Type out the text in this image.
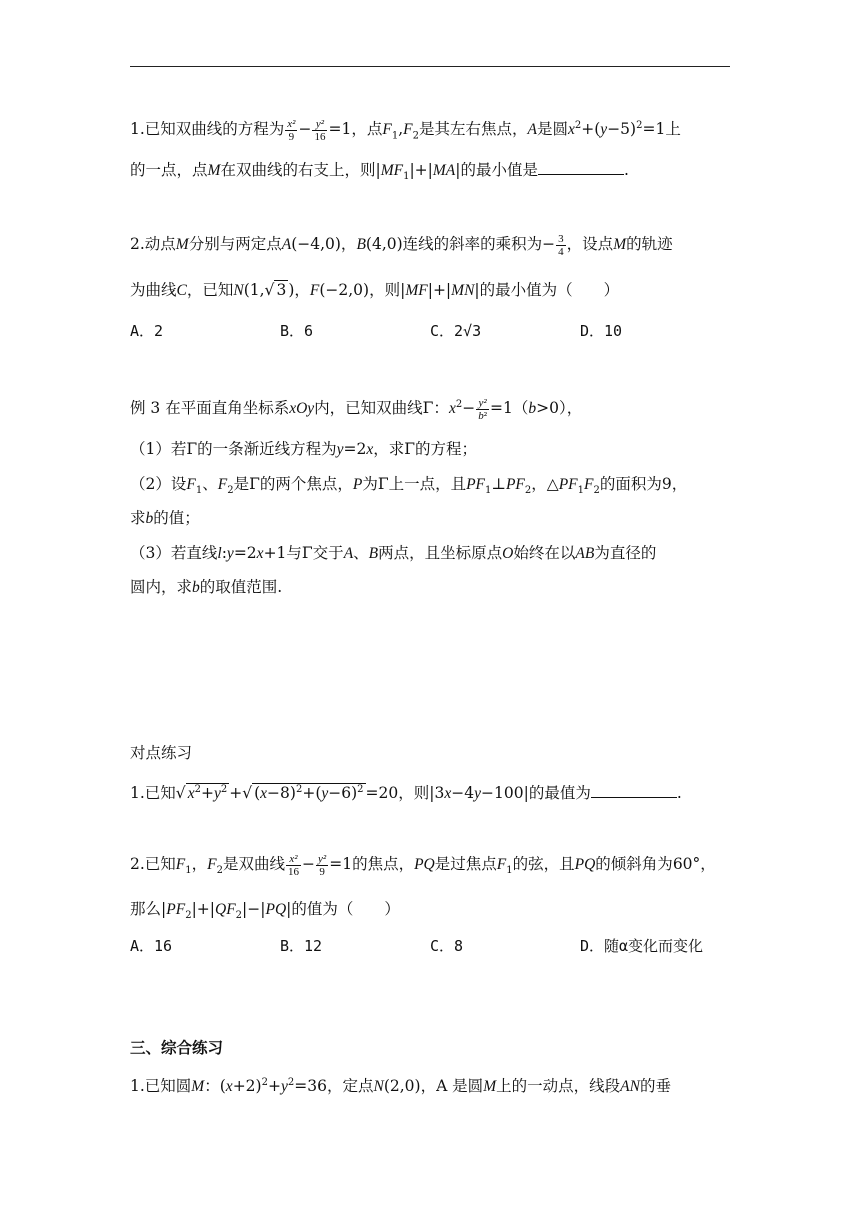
1.已知双曲线的方程为 $\frac{\text{x²}}{9} - \frac{\text{y²}}{16} =1$，点$F_1,F_2$是其左右焦点，A是圆$x^2+(y-5)^2=1$上
的一点，点M在双曲线的右支上，则$|MF_1|+|MA|$的最小值是	.
2.动点M分别与两定点A(−4,0)，B(4,0)连线的斜率的乘积为− $\frac{3}{4}$ ，设点M的轨迹
为曲线C，已知N(1,√ 3 )，F(−2,0)，则|MF|+|MN|的最小值为（　　）
A．2	B．6	C．2√3	D．10
例 3 在平面直角坐标系xOy内，已知双曲线Γ：$x^2- \frac{\text{y²}}{\text{b²}} =1(b>0)$，
（1）若Γ的一条渐近线方程为y=2x，求Γ的方程；
（2）设$F_1$、$F_2$是Γ的两个焦点，P为Γ上一点，且$PF_1\perp PF_2$，$\triangle PF_1F_2$的面积为9，
求b的值；
（3）若直线l:y=2x+1与Γ交于A、B两点，且坐标原点O始终在以AB为直径的
圆内，求b的取值范围.
对点练习
1.已知√ $x^2+y^2$ +√ $(x-8)^2+(y-6)^2 =20$，则|3x−4y−100|的最值为	.
2.已知$F_1$，$F_2$是双曲线 $\frac{\text{x²}}{16} - \frac{\text{y²}}{9} =1$的焦点，PQ是过焦点$F_1$的弦，且PQ的倾斜角为60°，
那么$|PF_2|+|QF_2|-|PQ|$的值为（　　）
A．16	B．12	C．8	D．随α变化而变化
三、综合练习
1.已知圆M：$(x+2)^2+y^2=36$，定点N(2,0)，A 是圆M上的一动点，线段AN的垂
